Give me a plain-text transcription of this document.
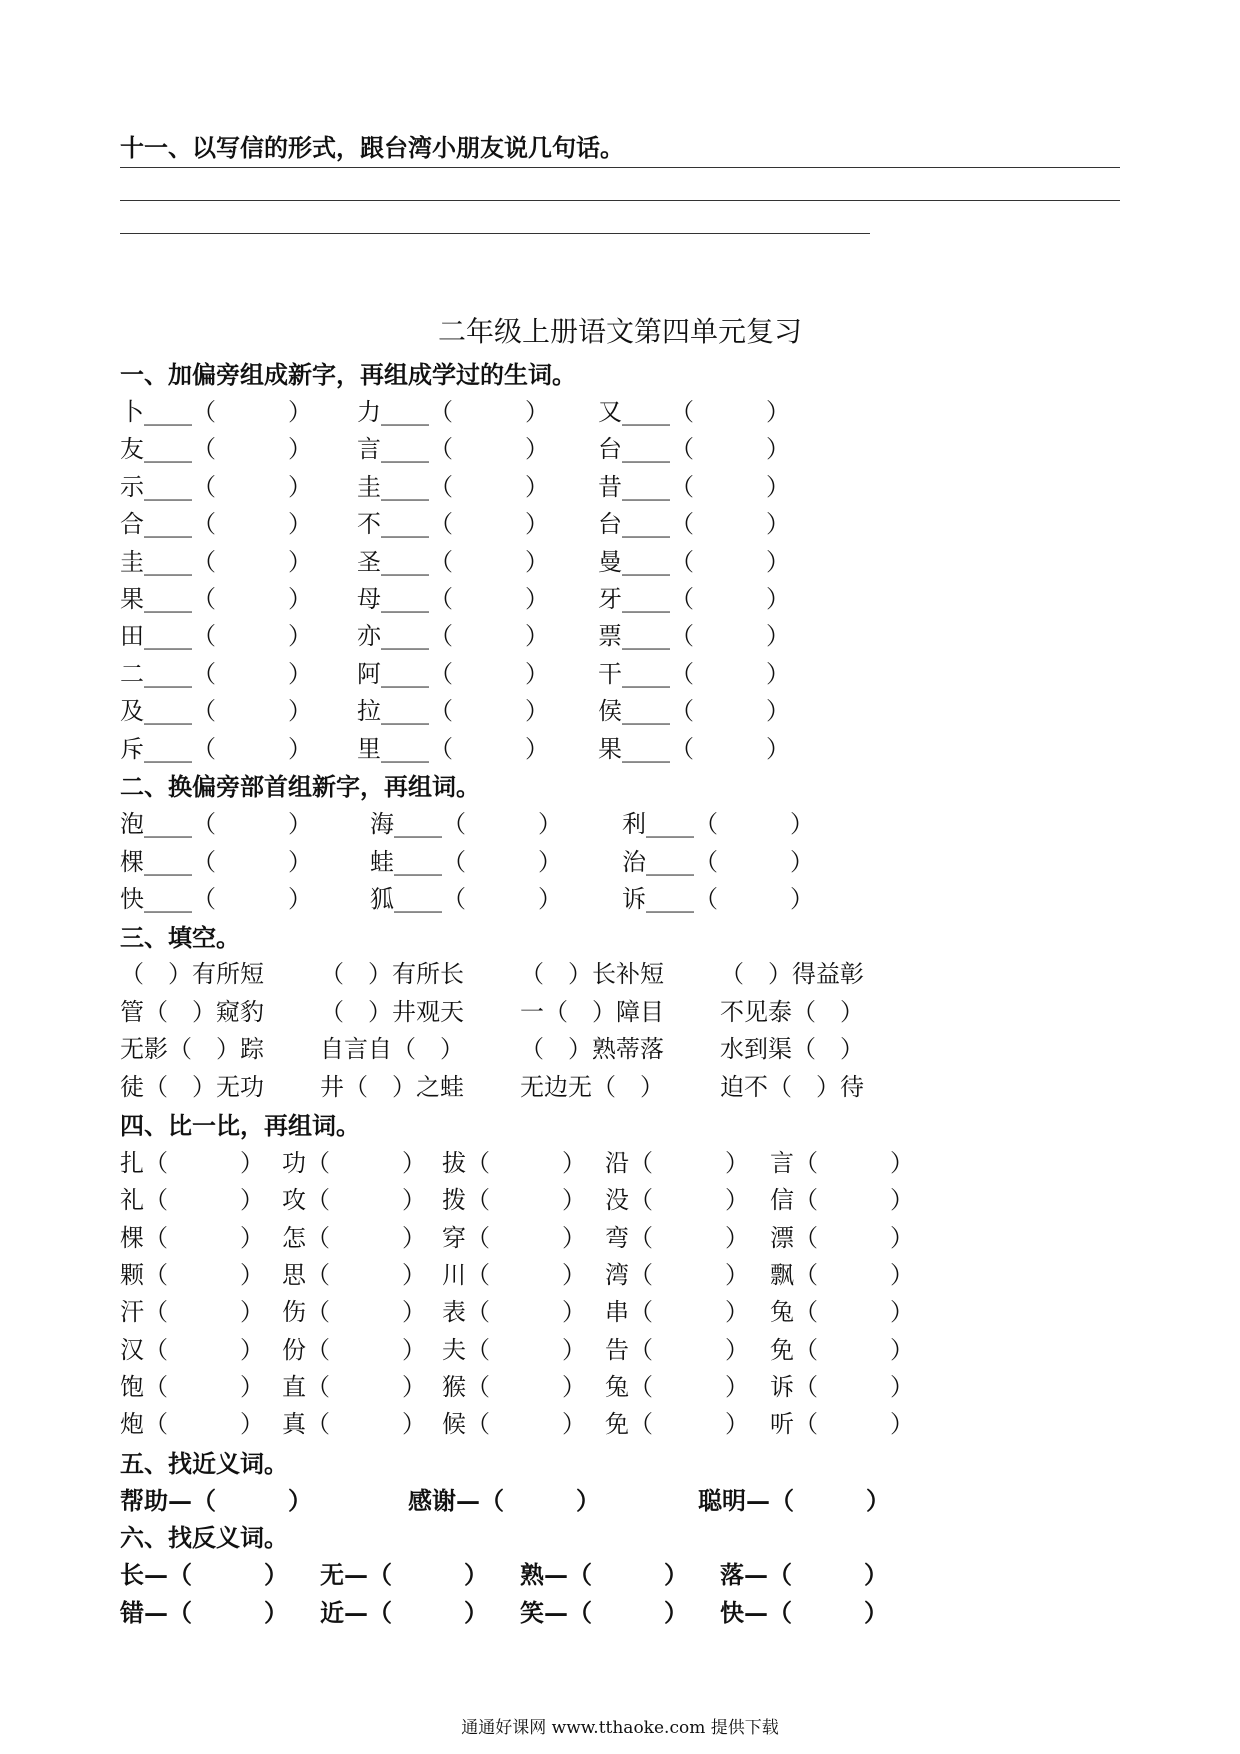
十一、以写信的形式，跟台湾小朋友说几句话。
二年级上册语文第四单元复习
一、加偏旁组成新字，再组成学过的生词。
卜____（　　　） 力____（　　　） 又____（　　　）
友____（　　　） 言____（　　　） 台____（　　　）
示____（　　　） 圭____（　　　） 昔____（　　　）
合____（　　　） 不____（　　　） 台____（　　　）
圭____（　　　） 圣____（　　　） 曼____（　　　）
果____（　　　） 母____（　　　） 牙____（　　　）
田____（　　　） 亦____（　　　） 票____（　　　）
二____（　　　） 阿____（　　　） 干____（　　　）
及____（　　　） 拉____（　　　） 侯____（　　　）
斥____（　　　） 里____（　　　） 果____（　　　）
二、换偏旁部首组新字，再组词。
泡____（　　　） 海____（　　　）	利____（　　　）
棵____（　　　） 蛙____（　　　）	治____（　　　）
快____（　　　） 狐____（　　　）	诉____（　　　）
三、填空。
（　）有所短 （　）有所长 （　）长补短 （　）得益彰
管（　）窥豹 （　）井观天 一（　）障目 不见泰（　）
无影（　）踪 自言自（　） （　）熟蒂落 水到渠（　）
徒（　）无功 井（　）之蛙 无边无（　） 迫不（　）待
四、比一比，再组词。
扎（　　　） 功（　　　） 拔（　　　） 沿（　　　） 言（　　　）
礼（　　　） 攻（　　　） 拨（　　　） 没（　　　） 信（　　　）
棵（　　　） 怎（　　　） 穿（　　　） 弯（　　　） 漂（　　　）
颗（　　　） 思（　　　） 川（　　　） 湾（　　　） 飘（　　　）
汗（　　　） 伤（　　　） 表（　　　） 串（　　　） 兔（　　　）
汉（　　　） 份（　　　） 夫（　　　） 告（　　　） 免（　　　）
饱（　　　） 直（　　　） 猴（　　　） 兔（　　　） 诉（　　　）
炮（　　　） 真（　　　） 候（　　　） 免（　　　） 听（　　　）
五、找近义词。
帮助—（　　　）	感谢—（　　　）	聪明—（　　　）
六、找反义词。
长—（　　　） 无—（　　　） 熟—（　　　） 落—（　　　）
错—（　　　） 近—（　　　） 笑—（　　　） 快—（　　　）
通通好课网 www.tthaoke.com 提供下载
